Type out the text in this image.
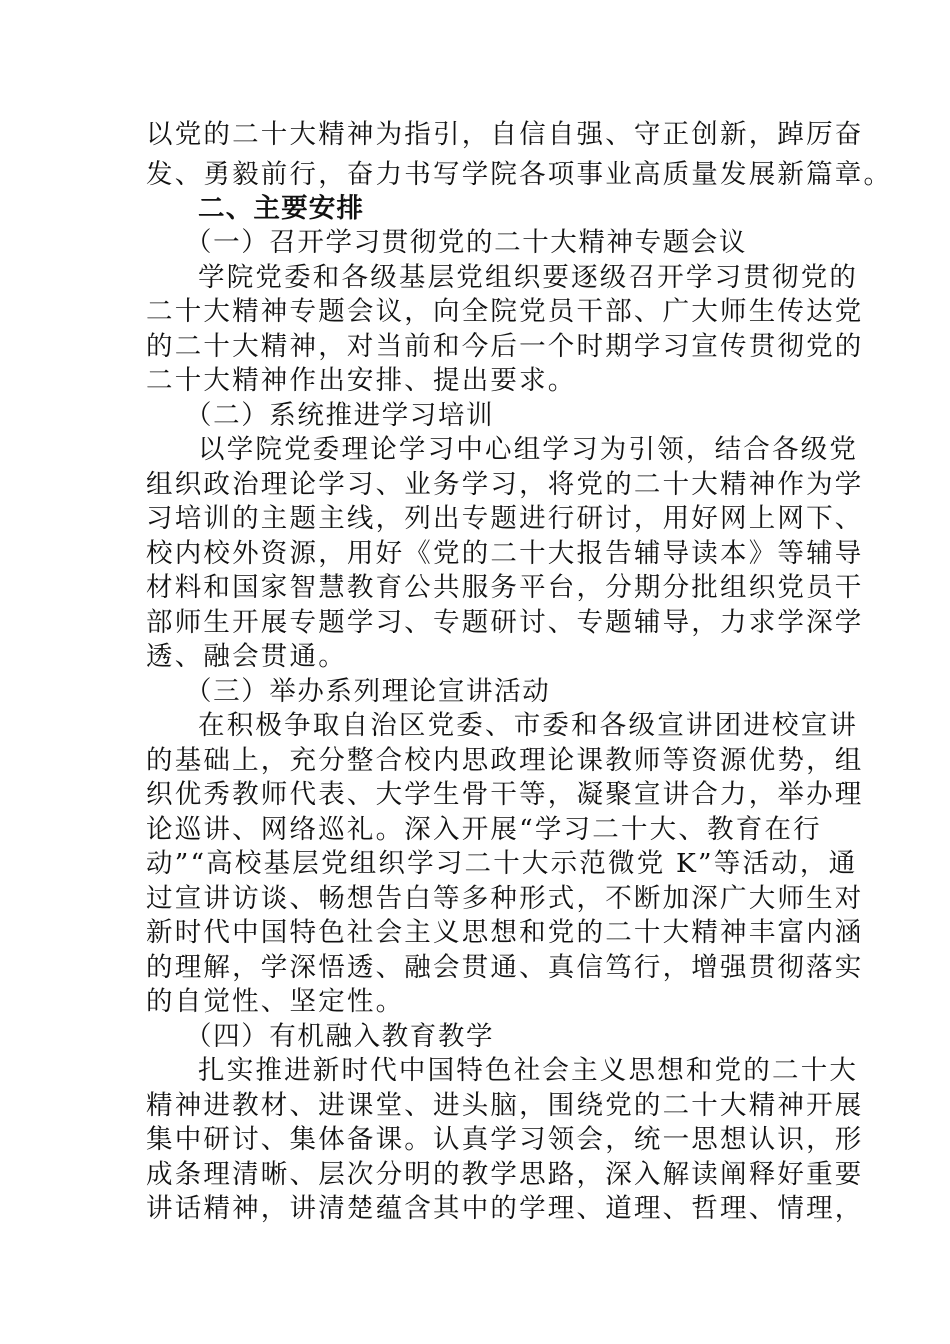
以党的二十大精神为指引，自信自强、守正创新，踔厉奋
发、勇毅前行，奋力书写学院各项事业高质量发展新篇章。
二、主要安排
（一）召开学习贯彻党的二十大精神专题会议
学院党委和各级基层党组织要逐级召开学习贯彻党的
二十大精神专题会议，向全院党员干部、广大师生传达党
的二十大精神，对当前和今后一个时期学习宣传贯彻党的
二十大精神作出安排、提出要求。
（二）系统推进学习培训
以学院党委理论学习中心组学习为引领，结合各级党
组织政治理论学习、业务学习，将党的二十大精神作为学
习培训的主题主线，列出专题进行研讨，用好网上网下、
校内校外资源，用好《党的二十大报告辅导读本》等辅导
材料和国家智慧教育公共服务平台，分期分批组织党员干
部师生开展专题学习、专题研讨、专题辅导，力求学深学
透、融会贯通。
（三）举办系列理论宣讲活动
在积极争取自治区党委、市委和各级宣讲团进校宣讲
的基础上，充分整合校内思政理论课教师等资源优势，组
织优秀教师代表、大学生骨干等，凝聚宣讲合力，举办理
论巡讲、网络巡礼。深入开展“学习二十大、教育在行
动”“高校基层党组织学习二十大示范微党 K”等活动，通
过宣讲访谈、畅想告白等多种形式，不断加深广大师生对
新时代中国特色社会主义思想和党的二十大精神丰富内涵
的理解，学深悟透、融会贯通、真信笃行，增强贯彻落实
的自觉性、坚定性。
（四）有机融入教育教学
扎实推进新时代中国特色社会主义思想和党的二十大
精神进教材、进课堂、进头脑，围绕党的二十大精神开展
集中研讨、集体备课。认真学习领会，统一思想认识，形
成条理清晰、层次分明的教学思路，深入解读阐释好重要
讲话精神，讲清楚蕴含其中的学理、道理、哲理、情理，
